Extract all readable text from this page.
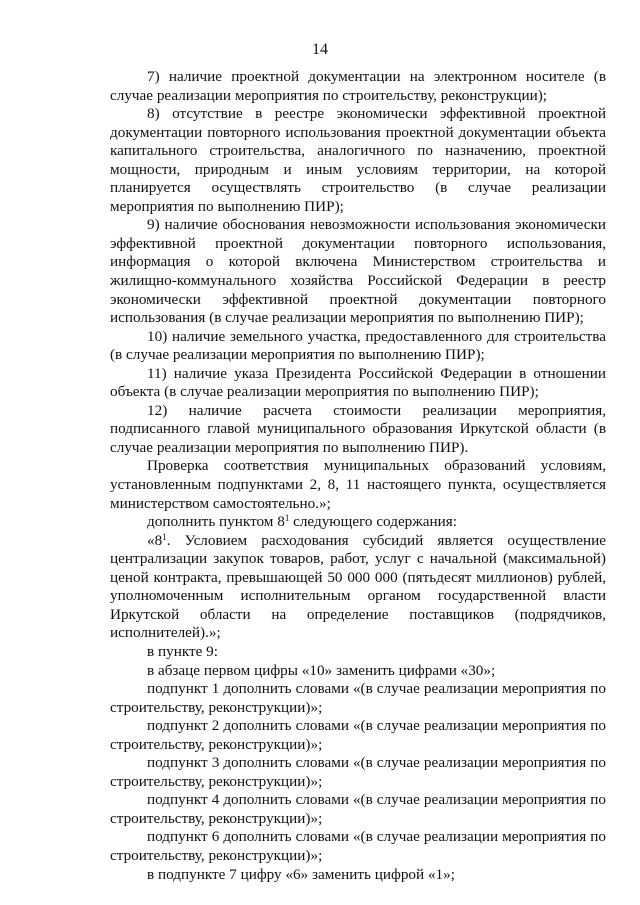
14

7) наличие проектной документации на электронном носителе (в случае реализации мероприятия по строительству, реконструкции);

8) отсутствие в реестре экономически эффективной проектной документации повторного использования проектной документации объекта капитального строительства, аналогичного по назначению, проектной мощности, природным и иным условиям территории, на которой планируется осуществлять строительство (в случае реализации мероприятия по выполнению ПИР);

9) наличие обоснования невозможности использования экономически эффективной проектной документации повторного использования, информация о которой включена Министерством строительства и жилищно-коммунального хозяйства Российской Федерации в реестр экономически эффективной проектной документации повторного использования (в случае реализации мероприятия по выполнению ПИР);

10) наличие земельного участка, предоставленного для строительства (в случае реализации мероприятия по выполнению ПИР);

11) наличие указа Президента Российской Федерации в отношении объекта (в случае реализации мероприятия по выполнению ПИР);

12) наличие расчета стоимости реализации мероприятия, подписанного главой муниципального образования Иркутской области (в случае реализации мероприятия по выполнению ПИР).

Проверка соответствия муниципальных образований условиям, установленным подпунктами 2, 8, 11 настоящего пункта, осуществляется министерством самостоятельно.»;

дополнить пунктом $8^1$ следующего содержания:

«$8^1$. Условием расходования субсидий является осуществление централизации закупок товаров, работ, услуг с начальной (максимальной) ценой контракта, превышающей 50 000 000 (пятьдесят миллионов) рублей, уполномоченным исполнительным органом государственной власти Иркутской области на определение поставщиков (подрядчиков, исполнителей).»;

в пункте 9:

в абзаце первом цифры «10» заменить цифрами «30»;

подпункт 1 дополнить словами «(в случае реализации мероприятия по строительству, реконструкции)»;

подпункт 2 дополнить словами «(в случае реализации мероприятия по строительству, реконструкции)»;

подпункт 3 дополнить словами «(в случае реализации мероприятия по строительству, реконструкции)»;

подпункт 4 дополнить словами «(в случае реализации мероприятия по строительству, реконструкции)»;

подпункт 6 дополнить словами «(в случае реализации мероприятия по строительству, реконструкции)»;

в подпункте 7 цифру «6» заменить цифрой «1»;
